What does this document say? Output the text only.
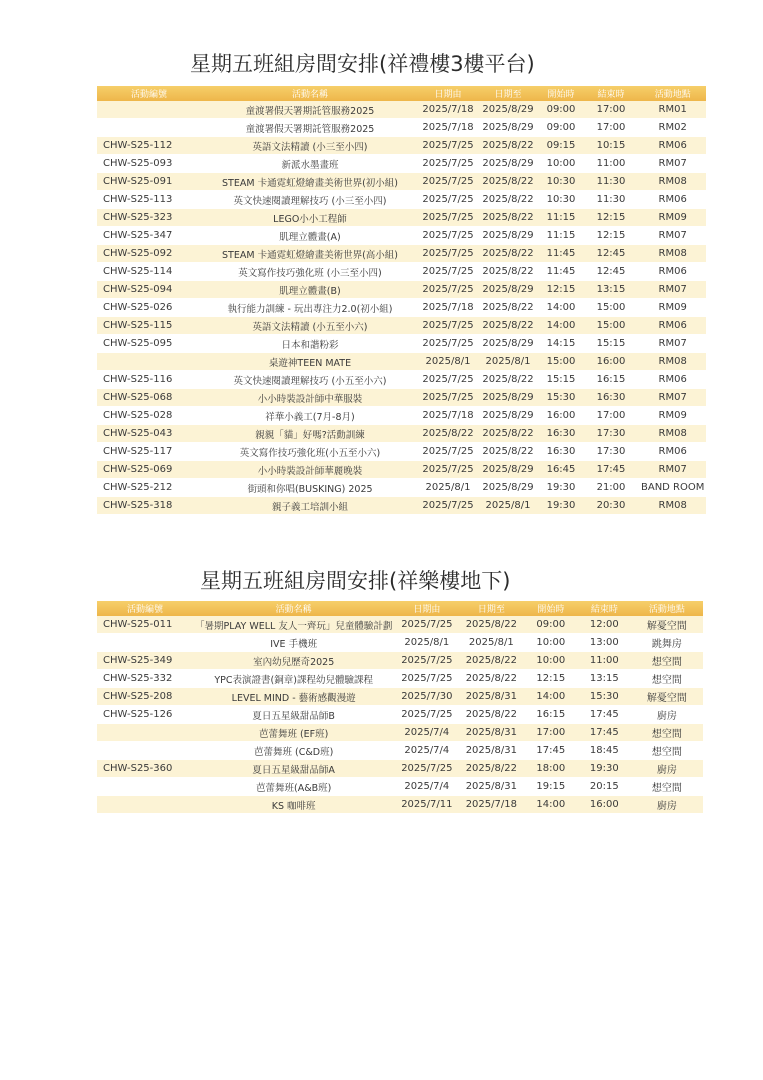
星期五班組房間安排(祥禮樓3樓平台)
活動編號	活動名稱	日期由	日期至	開始時	結束時	活動地點
	童渡署假天署期託管服務2025	2025/7/18	2025/8/29	09:00	17:00	RM01
	童渡署假天署期託管服務2025	2025/7/18	2025/8/29	09:00	17:00	RM02
CHW-S25-112	英語文法精讀 (小三至小四)	2025/7/25	2025/8/22	09:15	10:15	RM06
CHW-S25-093	新派水墨畫班	2025/7/25	2025/8/29	10:00	11:00	RM07
CHW-S25-091	STEAM 卡通霓虹燈繪畫美術世界(初小組)	2025/7/25	2025/8/22	10:30	11:30	RM08
CHW-S25-113	英文快速閱讀理解技巧 (小三至小四)	2025/7/25	2025/8/22	10:30	11:30	RM06
CHW-S25-323	LEGO小小工程師	2025/7/25	2025/8/22	11:15	12:15	RM09
CHW-S25-347	肌理立體畫(A)	2025/7/25	2025/8/29	11:15	12:15	RM07
CHW-S25-092	STEAM 卡通霓虹燈繪畫美術世界(高小組)	2025/7/25	2025/8/22	11:45	12:45	RM08
CHW-S25-114	英文寫作技巧強化班 (小三至小四)	2025/7/25	2025/8/22	11:45	12:45	RM06
CHW-S25-094	肌理立體畫(B)	2025/7/25	2025/8/29	12:15	13:15	RM07
CHW-S25-026	執行能力訓練 - 玩出專注力2.0(初小組)	2025/7/18	2025/8/22	14:00	15:00	RM09
CHW-S25-115	英語文法精讀 (小五至小六)	2025/7/25	2025/8/22	14:00	15:00	RM06
CHW-S25-095	日本和諧粉彩	2025/7/25	2025/8/29	14:15	15:15	RM07
	桌遊神TEEN MATE	2025/8/1	2025/8/1	15:00	16:00	RM08
CHW-S25-116	英文快速閱讀理解技巧 (小五至小六)	2025/7/25	2025/8/22	15:15	16:15	RM06
CHW-S25-068	小小時裝設計師中華服裝	2025/7/25	2025/8/29	15:30	16:30	RM07
CHW-S25-028	祥華小義工(7月-8月)	2025/7/18	2025/8/29	16:00	17:00	RM09
CHW-S25-043	親親「貓」好嗎?活動訓練	2025/8/22	2025/8/22	16:30	17:30	RM08
CHW-S25-117	英文寫作技巧強化班(小五至小六)	2025/7/25	2025/8/22	16:30	17:30	RM06
CHW-S25-069	小小時裝設計師華麗晚裝	2025/7/25	2025/8/29	16:45	17:45	RM07
CHW-S25-212	街頭和你唱(BUSKING) 2025	2025/8/1	2025/8/29	19:30	21:00	BAND ROOM
CHW-S25-318	親子義工培訓小組	2025/7/25	2025/8/1	19:30	20:30	RM08
星期五班組房間安排(祥樂樓地下)
活動編號	活動名稱	日期由	日期至	開始時	結束時	活動地點
CHW-S25-011	「暑期PLAY WELL 友人一齊玩」兒童體驗計劃	2025/7/25	2025/8/22	09:00	12:00	解憂空間
	IVE 手機班	2025/8/1	2025/8/1	10:00	13:00	跳舞房
CHW-S25-349	室內幼兒歷奇2025	2025/7/25	2025/8/22	10:00	11:00	想空間
CHW-S25-332	YPC表演證書(銅章)課程幼兒體驗課程	2025/7/25	2025/8/22	12:15	13:15	想空間
CHW-S25-208	LEVEL MIND - 藝術感觀漫遊	2025/7/30	2025/8/31	14:00	15:30	解憂空間
CHW-S25-126	夏日五星級甜品師B	2025/7/25	2025/8/22	16:15	17:45	廚房
	芭蕾舞班 (EF班)	2025/7/4	2025/8/31	17:00	17:45	想空間
	芭蕾舞班 (C&D班)	2025/7/4	2025/8/31	17:45	18:45	想空間
CHW-S25-360	夏日五星級甜品師A	2025/7/25	2025/8/22	18:00	19:30	廚房
	芭蕾舞班(A&B班)	2025/7/4	2025/8/31	19:15	20:15	想空間
	KS 咖啡班	2025/7/11	2025/7/18	14:00	16:00	廚房
